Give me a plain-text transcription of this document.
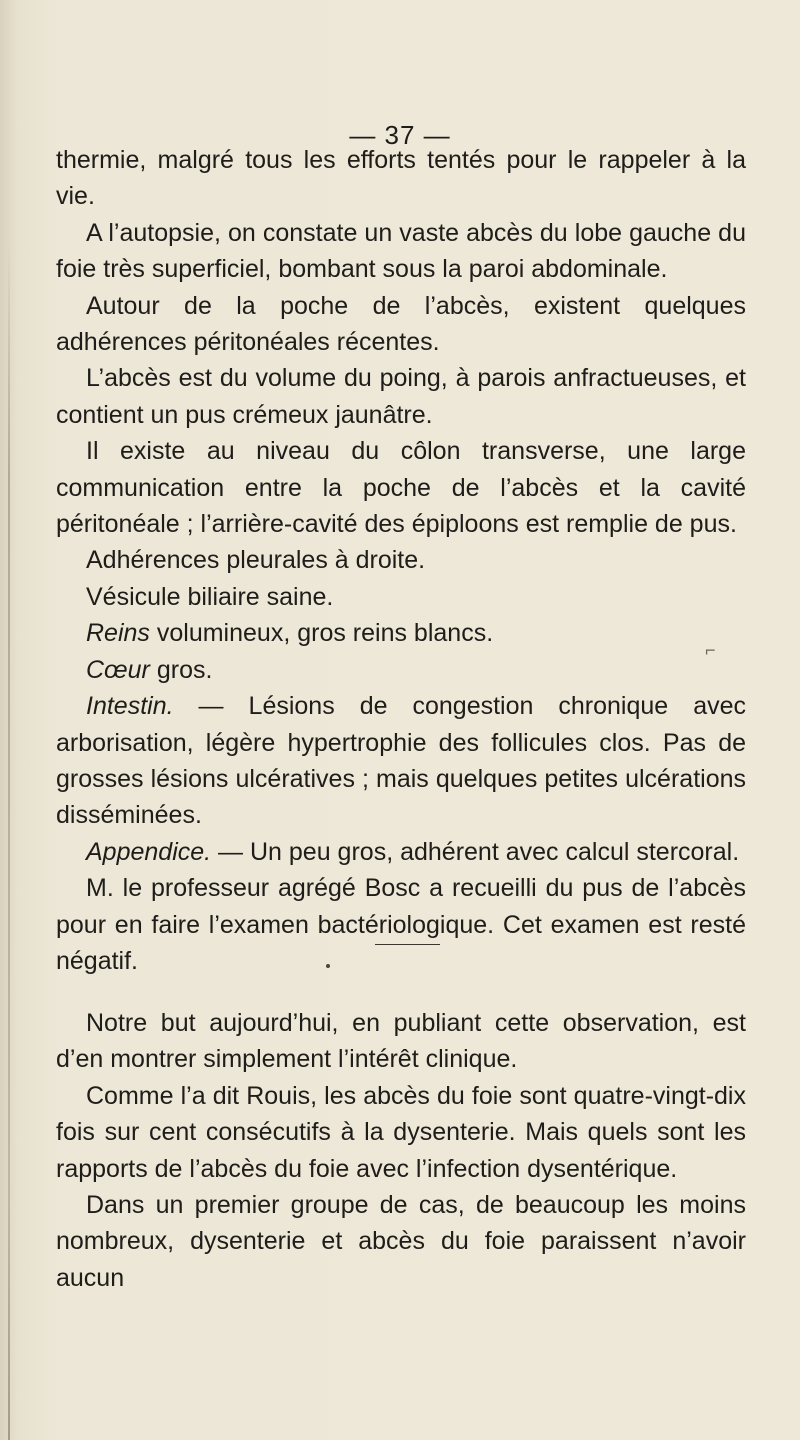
— 37 —

thermie, malgré tous les efforts tentés pour le rappeler à la vie.

A l’autopsie, on constate un vaste abcès du lobe gauche du foie très superficiel, bombant sous la paroi abdominale.

Autour de la poche de l’abcès, existent quelques adhérences péritonéales récentes.

L’abcès est du volume du poing, à parois anfractueuses, et contient un pus crémeux jaunâtre.

Il existe au niveau du côlon transverse, une large communication entre la poche de l’abcès et la cavité péritonéale ; l’arrière-cavité des épiploons est remplie de pus.

Adhérences pleurales à droite.

Vésicule biliaire saine.

Reins volumineux, gros reins blancs.

Cœur gros.

Intestin. — Lésions de congestion chronique avec arborisation, légère hypertrophie des follicules clos. Pas de grosses lésions ulcératives ; mais quelques petites ulcérations disséminées.

Appendice. — Un peu gros, adhérent avec calcul stercoral.

M. le professeur agrégé Bosc a recueilli du pus de l’abcès pour en faire l’examen bactériologique. Cet examen est resté négatif.

⌐

Notre but aujourd’hui, en publiant cette observation, est d’en montrer simplement l’intérêt clinique.

Comme l’a dit Rouis, les abcès du foie sont quatre-vingt-dix fois sur cent consécutifs à la dysenterie. Mais quels sont les rapports de l’abcès du foie avec l’infection dysentérique.

Dans un premier groupe de cas, de beaucoup les moins nombreux, dysenterie et abcès du foie paraissent n’avoir aucun
